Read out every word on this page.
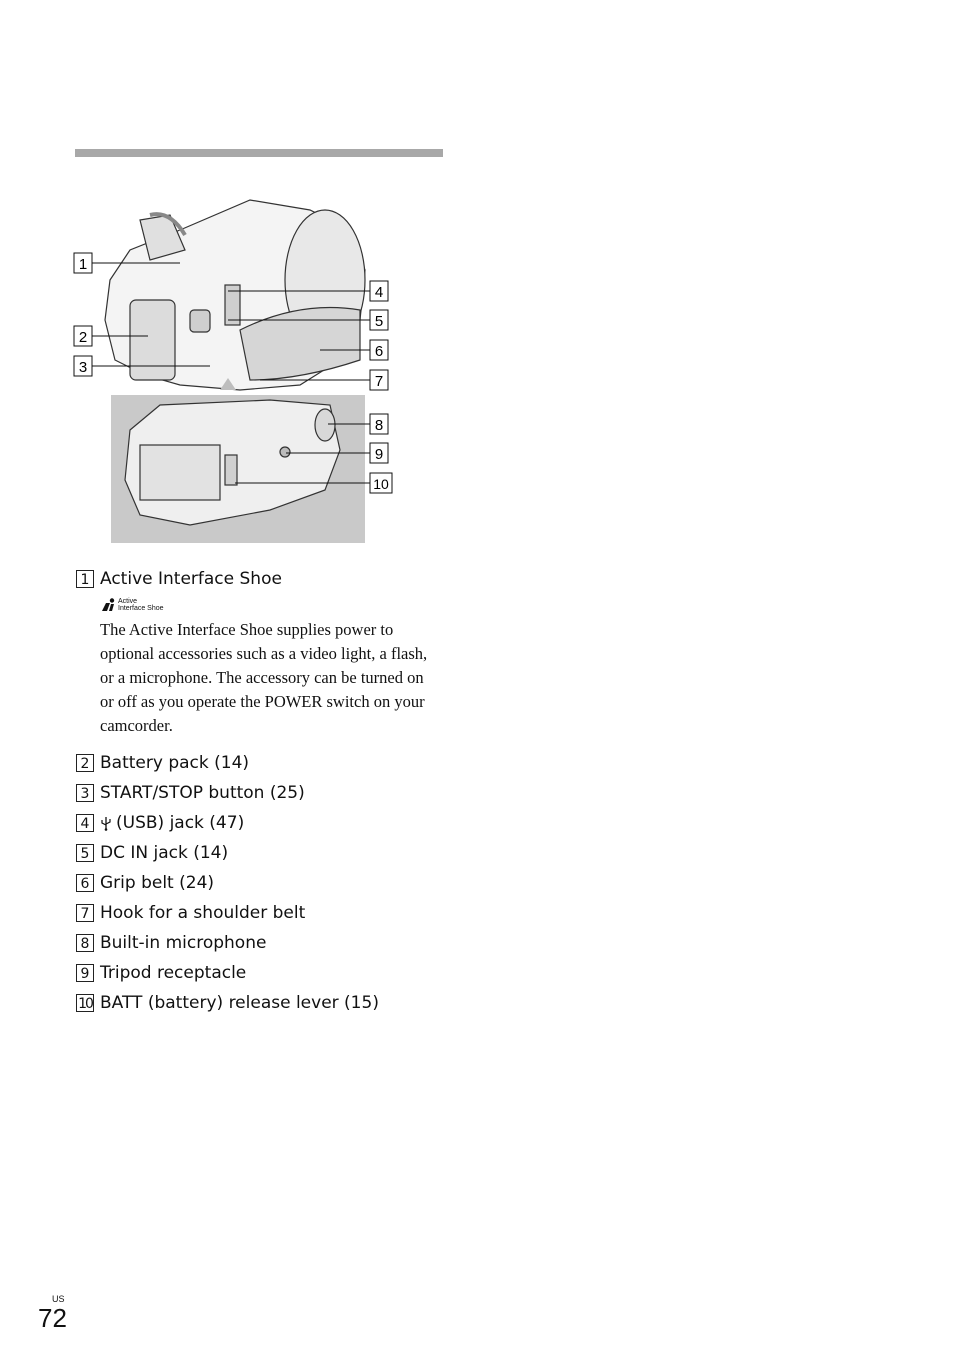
1
2
3
4
5
6
7
8
9
10
1 Active Interface Shoe
Active
Interface Shoe
The Active Interface Shoe supplies power to optional accessories such as a video light, a flash, or a microphone. The accessory can be turned on or off as you operate the POWER switch on your camcorder.
2 Battery pack (14)
3 START/STOP button (25)
4 (USB) jack (47)
5 DC IN jack (14)
6 Grip belt (24)
7 Hook for a shoulder belt
8 Built-in microphone
9 Tripod receptacle
10 BATT (battery) release lever (15)
US
72
